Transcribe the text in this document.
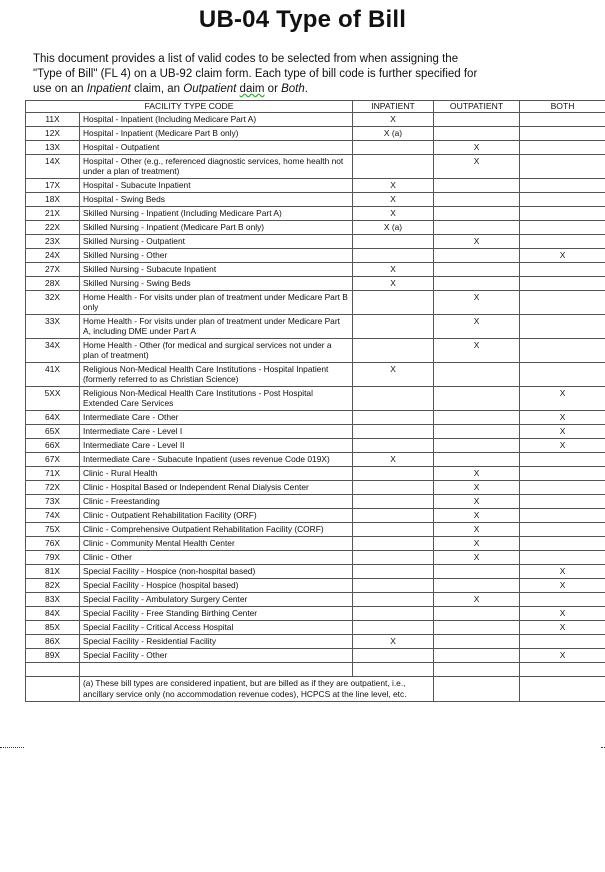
UB-04 Type of Bill
This document provides a list of valid codes to be selected from when assigning the
"Type of Bill" (FL 4) on a UB-92 claim form. Each type of bill code is further specified for
use on an Inpatient claim, an Outpatient daim or Both.
FACILITY TYPE CODE		INPATIENT	OUTPATIENT	BOTH
11X	Hospital - Inpatient (Including Medicare Part A)	X		
12X	Hospital - Inpatient (Medicare Part B only)	X (a)		
13X	Hospital - Outpatient		X	
14X	Hospital - Other (e.g., referenced diagnostic services, home health not under a plan of treatment)		X	
17X	Hospital - Subacute Inpatient	X		
18X	Hospital - Swing Beds	X		
21X	Skilled Nursing - Inpatient (Including Medicare Part A)	X		
22X	Skilled Nursing - Inpatient (Medicare Part B only)	X (a)		
23X	Skilled Nursing - Outpatient		X	
24X	Skilled Nursing - Other			X
27X	Skilled Nursing - Subacute Inpatient	X		
28X	Skilled Nursing - Swing Beds	X		
32X	Home Health - For visits under plan of treatment under Medicare Part B only		X	
33X	Home Health - For visits under plan of treatment under Medicare Part A, including DME under Part A		X	
34X	Home Health - Other (for medical and surgical services not under a plan of treatment)		X	
41X	Religious Non-Medical Health Care Institutions - Hospital Inpatient (formerly referred to as Christian Science)	X		
5XX	Religious Non-Medical Health Care Institutions - Post Hospital Extended Care Services			X
64X	Intermediate Care - Other			X
65X	Intermediate Care - Level I			X
66X	Intermediate Care - Level II			X
67X	Intermediate Care - Subacute Inpatient (uses revenue Code 019X)	X		
71X	Clinic - Rural Health		X	
72X	Clinic - Hospital Based or Independent Renal Dialysis Center		X	
73X	Clinic - Freestanding		X	
74X	Clinic - Outpatient Rehabilitation Facility (ORF)		X	
75X	Clinic - Comprehensive Outpatient Rehabilitation Facility (CORF)		X	
76X	Clinic - Community Mental Health Center		X	
79X	Clinic - Other		X	
81X	Special Facility - Hospice (non-hospital based)			X
82X	Special Facility - Hospice (hospital based)			X
83X	Special Facility - Ambulatory Surgery Center		X	
84X	Special Facility - Free Standing Birthing Center			X
85X	Special Facility - Critical Access Hospital			X
86X	Special Facility - Residential Facility	X		
89X	Special Facility - Other			X

	(a) These bill types are considered inpatient, but are billed as if they are outpatient, i.e., ancillary service only (no accommodation revenue codes), HCPCS at the line level, etc.			
